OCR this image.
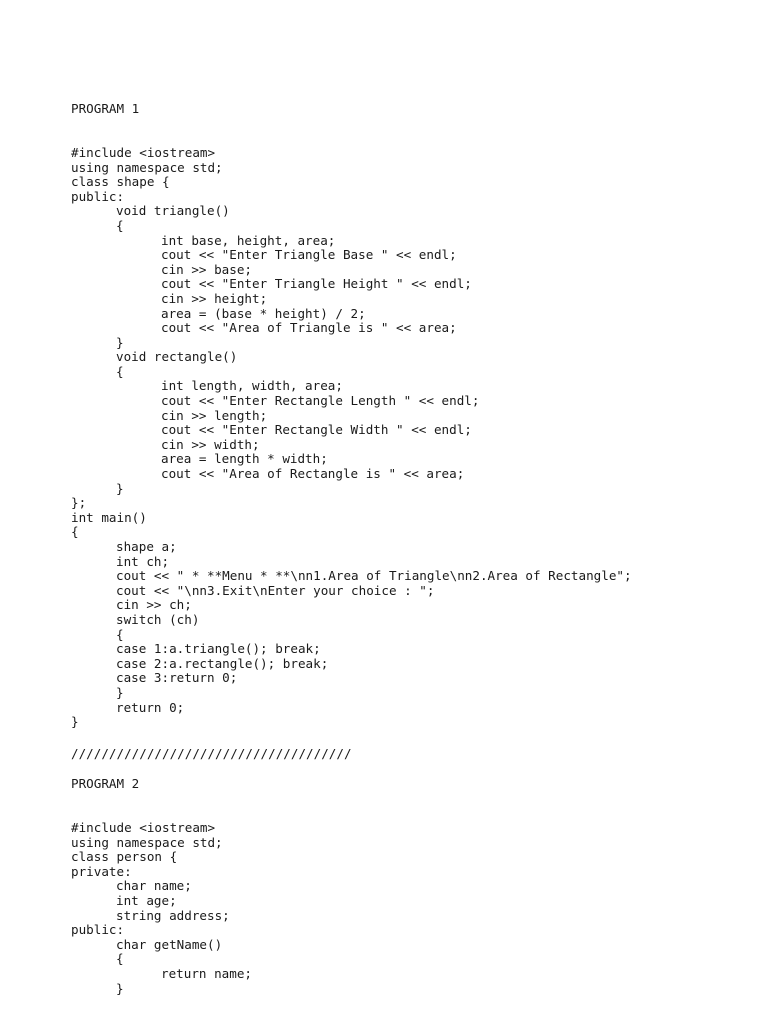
PROGRAM 1

#include <iostream>
using namespace std;
class shape {
public:
void triangle()
{
int base, height, area;
cout << "Enter Triangle Base " << endl;
cin >> base;
cout << "Enter Triangle Height " << endl;
cin >> height;
area = (base * height) / 2;
cout << "Area of Triangle is " << area;
}
void rectangle()
{
int length, width, area;
cout << "Enter Rectangle Length " << endl;
cin >> length;
cout << "Enter Rectangle Width " << endl;
cin >> width;
area = length * width;
cout << "Area of Rectangle is " << area;
}
};
int main()
{
shape a;
int ch;
cout << " * **Menu * **\nn1.Area of Triangle\nn2.Area of Rectangle";
cout << "\nn3.Exit\nEnter your choice : ";
cin >> ch;
switch (ch)
{
case 1:a.triangle(); break;
case 2:a.rectangle(); break;
case 3:return 0;
}
return 0;
}

/////////////////////////////////////

PROGRAM 2

#include <iostream>
using namespace std;
class person {
private:
char name;
int age;
string address;
public:
char getName()
{
return name;
}
